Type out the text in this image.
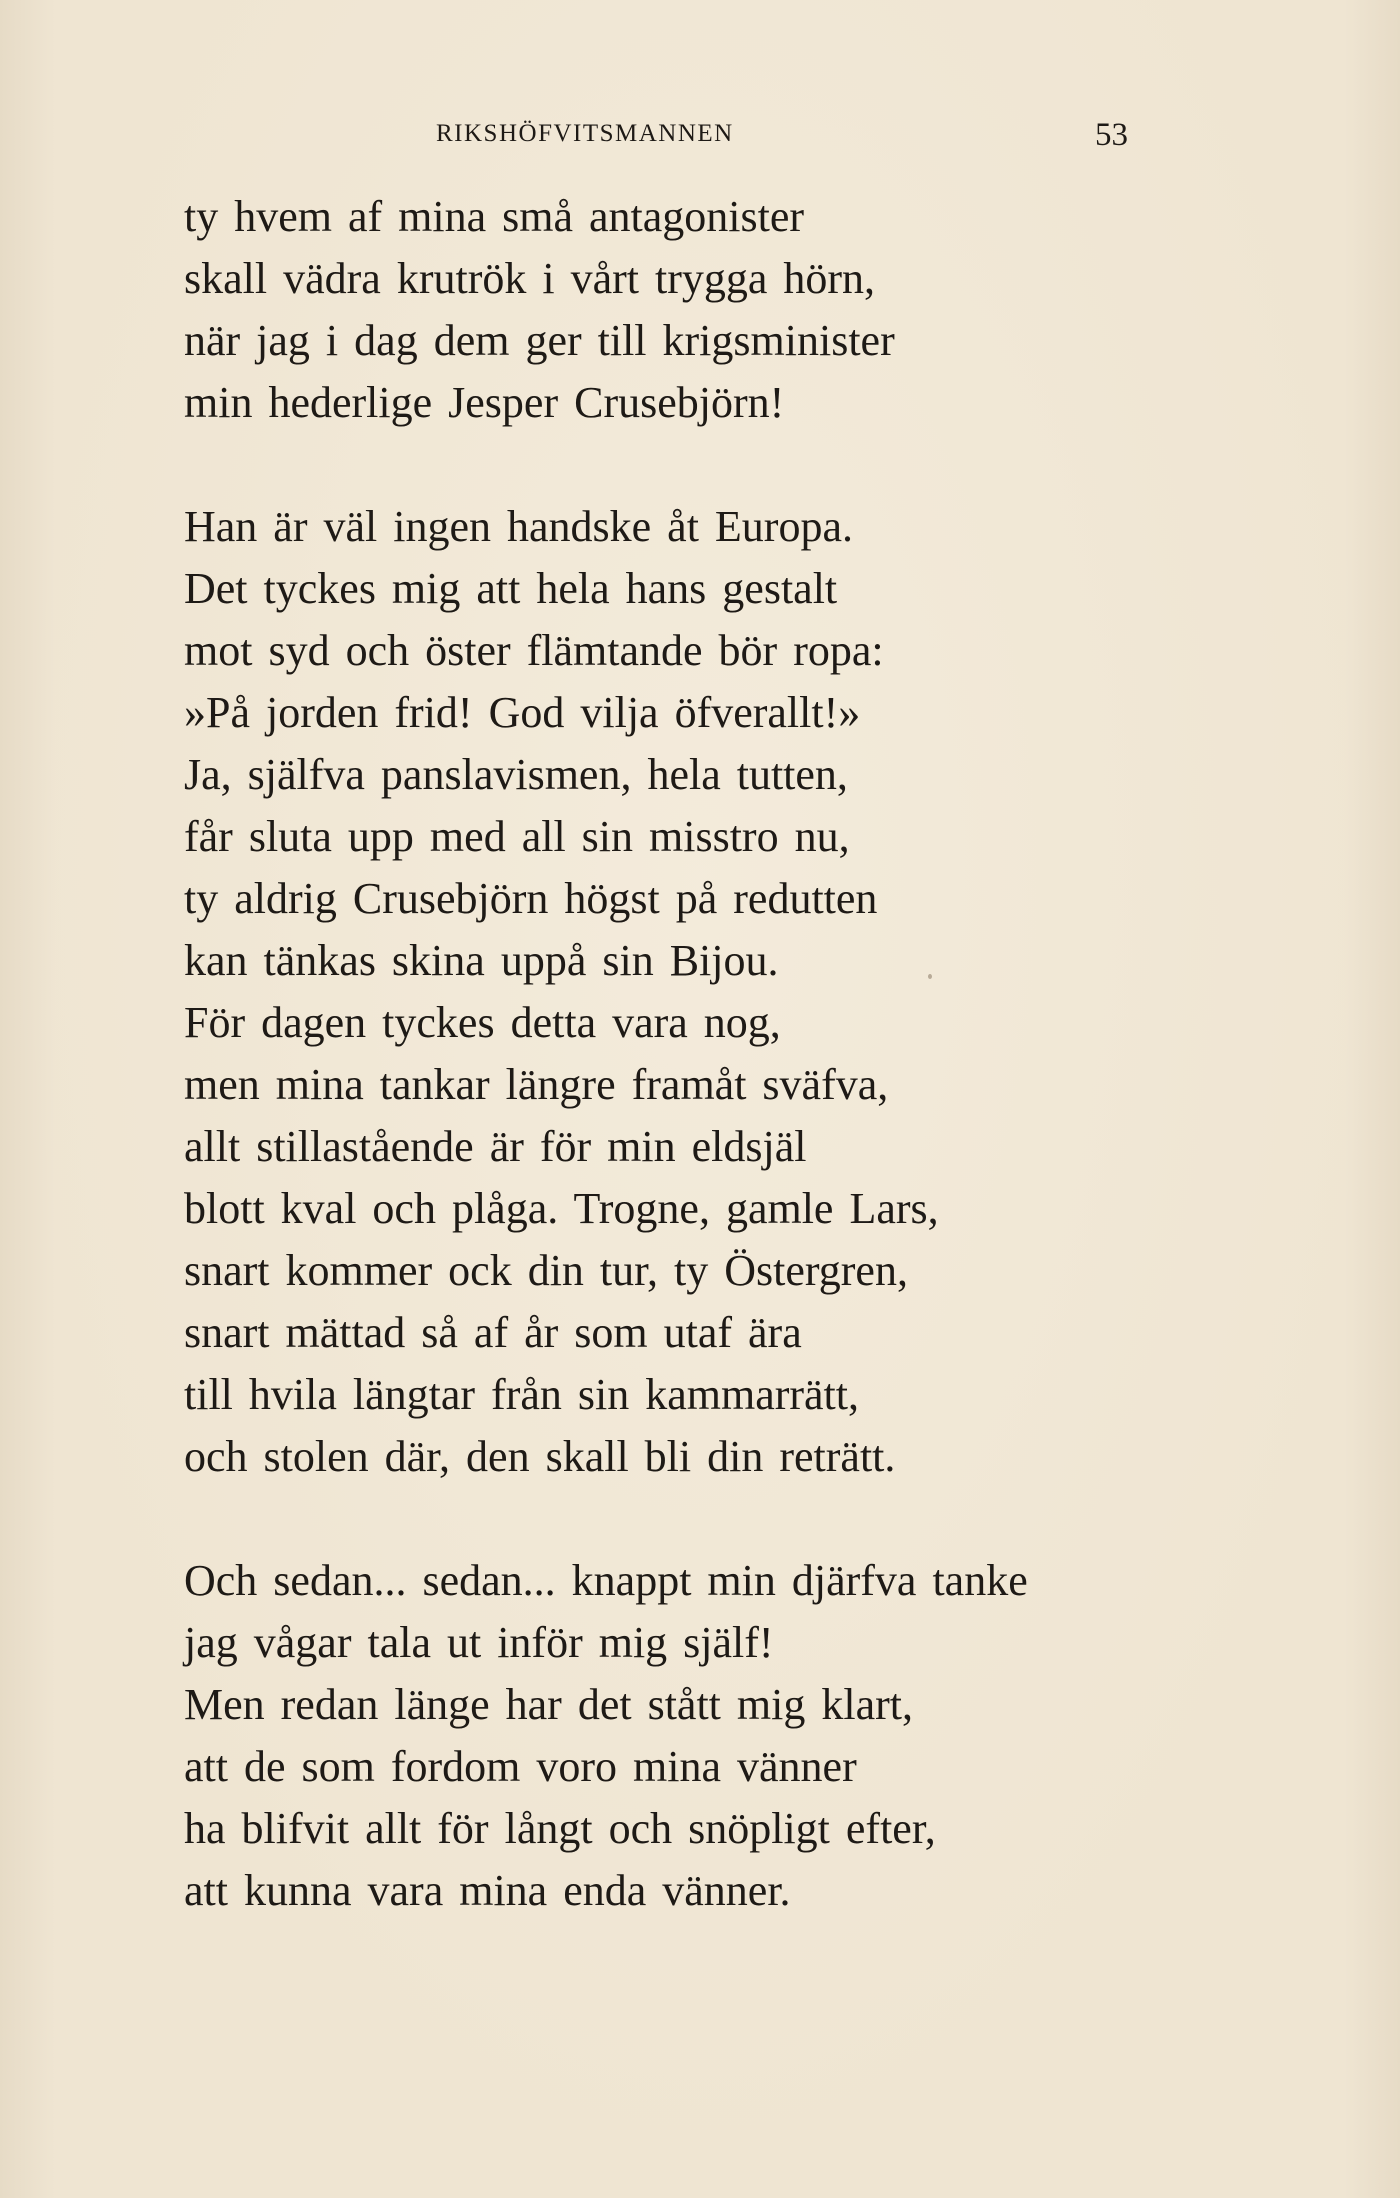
RIKSHÖFVITSMANNEN	53
ty hvem af mina små antagonister
skall vädra krutrök i vårt trygga hörn,
när jag i dag dem ger till krigsminister
min hederlige Jesper Crusebjörn!
Han är väl ingen handske åt Europa.
Det tyckes mig att hela hans gestalt
mot syd och öster flämtande bör ropa:
»På jorden frid! God vilja öfverallt!»
Ja, själfva panslavismen, hela tutten,
får sluta upp med all sin misstro nu,
ty aldrig Crusebjörn högst på redutten
kan tänkas skina uppå sin Bijou.
För dagen tyckes detta vara nog,
men mina tankar längre framåt sväfva,
allt stillastående är för min eldsjäl
blott kval och plåga. Trogne, gamle Lars,
snart kommer ock din tur, ty Östergren,
snart mättad så af år som utaf ära
till hvila längtar från sin kammarrätt,
och stolen där, den skall bli din reträtt.
Och sedan... sedan... knappt min djärfva tanke
jag vågar tala ut inför mig själf!
Men redan länge har det stått mig klart,
att de som fordom voro mina vänner
ha blifvit allt för långt och snöpligt efter,
att kunna vara mina enda vänner.
